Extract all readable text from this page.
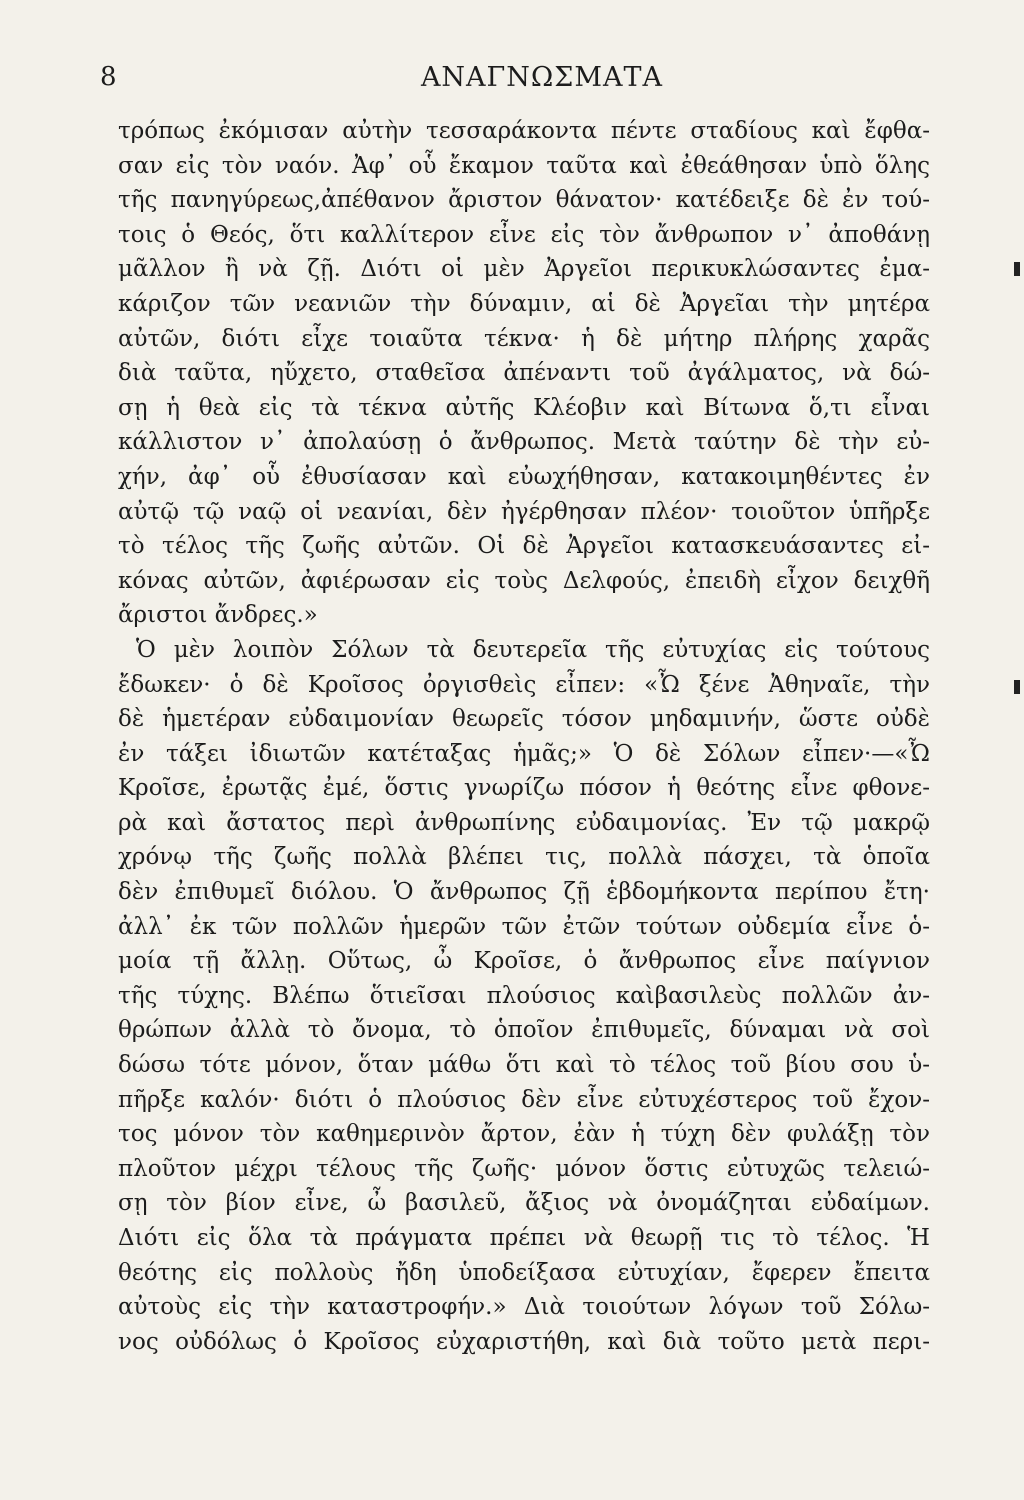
8	ΑΝΑΓΝΩΣΜΑΤΑ
τρόπως ἐκόμισαν αὐτὴν τεσσαράκοντα πέντε σταδίους καὶ ἔφθα-
σαν εἰς τὸν ναόν. Ἀφ᾽ οὗ ἔκαμον ταῦτα καὶ ἐθεάθησαν ὑπὸ ὅλης
τῆς πανηγύρεως,ἀπέθανον ἄριστον θάνατον· κατέδειξε δὲ ἐν τού-
τοις ὁ Θεός, ὅτι καλλίτερον εἶνε εἰς τὸν ἄνθρωπον ν᾽ ἀποθάνῃ
μᾶλλον ἢ νὰ ζῇ. Διότι οἱ μὲν Ἀργεῖοι περικυκλώσαντες ἐμα-
κάριζον τῶν νεανιῶν τὴν δύναμιν, αἱ δὲ Ἀργεῖαι τὴν μητέρα
αὐτῶν, διότι εἶχε τοιαῦτα τέκνα· ἡ δὲ μήτηρ πλήρης χαρᾶς
διὰ ταῦτα, ηὔχετο, σταθεῖσα ἀπέναντι τοῦ ἀγάλματος, νὰ δώ-
σῃ ἡ θεὰ εἰς τὰ τέκνα αὐτῆς Κλέοβιν καὶ Βίτωνα ὅ,τι εἶναι
κάλλιστον ν᾽ ἀπολαύσῃ ὁ ἄνθρωπος. Μετὰ ταύτην δὲ τὴν εὐ-
χήν, ἀφ᾽ οὗ ἐθυσίασαν καὶ εὐωχήθησαν, κατακοιμηθέντες ἐν
αὐτῷ τῷ ναῷ οἱ νεανίαι, δὲν ἠγέρθησαν πλέον· τοιοῦτον ὑπῆρξε
τὸ τέλος τῆς ζωῆς αὐτῶν. Οἱ δὲ Ἀργεῖοι κατασκευάσαντες εἰ-
κόνας αὐτῶν, ἀφιέρωσαν εἰς τοὺς Δελφούς, ἐπειδὴ εἶχον δειχθῆ
ἄριστοι ἄνδρες.»
Ὁ μὲν λοιπὸν Σόλων τὰ δευτερεῖα τῆς εὐτυχίας εἰς τούτους
ἔδωκεν· ὁ δὲ Κροῖσος ὀργισθεὶς εἶπεν: «Ὦ ξένε Ἀθηναῖε, τὴν
δὲ ἡμετέραν εὐδαιμονίαν θεωρεῖς τόσον μηδαμινήν, ὥστε οὐδὲ
ἐν τάξει ἰδιωτῶν κατέταξας ἡμᾶς;» Ὁ δὲ Σόλων εἶπεν·—«Ὦ
Κροῖσε, ἐρωτᾷς ἐμέ, ὅστις γνωρίζω πόσον ἡ θεότης εἶνε φθονε-
ρὰ καὶ ἄστατος περὶ ἀνθρωπίνης εὐδαιμονίας. Ἐν τῷ μακρῷ
χρόνῳ τῆς ζωῆς πολλὰ βλέπει τις, πολλὰ πάσχει, τὰ ὁποῖα
δὲν ἐπιθυμεῖ διόλου. Ὁ ἄνθρωπος ζῇ ἑβδομήκοντα περίπου ἔτη·
ἀλλ᾽ ἐκ τῶν πολλῶν ἡμερῶν τῶν ἐτῶν τούτων οὐδεμία εἶνε ὁ-
μοία τῇ ἄλλῃ. Οὕτως, ὦ Κροῖσε, ὁ ἄνθρωπος εἶνε παίγνιον
τῆς τύχης. Βλέπω ὅτιεῖσαι πλούσιος καὶβασιλεὺς πολλῶν ἀν-
θρώπων ἀλλὰ τὸ ὄνομα, τὸ ὁποῖον ἐπιθυμεῖς, δύναμαι νὰ σοὶ
δώσω τότε μόνον, ὅταν μάθω ὅτι καὶ τὸ τέλος τοῦ βίου σου ὑ-
πῆρξε καλόν· διότι ὁ πλούσιος δὲν εἶνε εὐτυχέστερος τοῦ ἔχον-
τος μόνον τὸν καθημερινὸν ἄρτον, ἐὰν ἡ τύχη δὲν φυλάξῃ τὸν
πλοῦτον μέχρι τέλους τῆς ζωῆς· μόνον ὅστις εὐτυχῶς τελειώ-
σῃ τὸν βίον εἶνε, ὦ βασιλεῦ, ἄξιος νὰ ὀνομάζηται εὐδαίμων.
Διότι εἰς ὅλα τὰ πράγματα πρέπει νὰ θεωρῇ τις τὸ τέλος. Ἡ
θεότης εἰς πολλοὺς ἤδη ὑποδείξασα εὐτυχίαν, ἔφερεν ἔπειτα
αὐτοὺς εἰς τὴν καταστροφήν.» Διὰ τοιούτων λόγων τοῦ Σόλω-
νος οὐδόλως ὁ Κροῖσος εὐχαριστήθη, καὶ διὰ τοῦτο μετὰ περι-
